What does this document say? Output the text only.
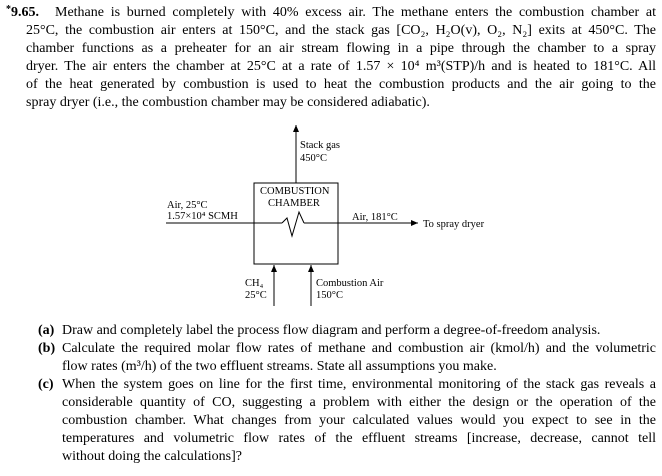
*9.65. Methane is burned completely with 40% excess air. The methane enters the combustion chamber at
25°C, the combustion air enters at 150°C, and the stack gas [CO₂, H₂O(v), O₂, N₂] exits at 450°C. The
chamber functions as a preheater for an air stream flowing in a pipe through the chamber to a spray
dryer. The air enters the chamber at 25°C at a rate of 1.57 × 10⁴ m³(STP)/h and is heated to 181°C. All
of the heat generated by combustion is used to heat the combustion products and the air going to the
spray dryer (i.e., the combustion chamber may be considered adiabatic).
Stack gas
450°C
COMBUSTION
CHAMBER
Air, 25°C
1.57×10⁴ SCMH	Air, 181°C
To spray dryer
CH₄
25°C
Combustion Air
150°C
(a) Draw and completely label the process flow diagram and perform a degree-of-freedom analysis.
(b) Calculate the required molar flow rates of methane and combustion air (kmol/h) and the volumetric
flow rates (m³/h) of the two effluent streams. State all assumptions you make.
(c) When the system goes on line for the first time, environmental monitoring of the stack gas reveals a
considerable quantity of CO, suggesting a problem with either the design or the operation of the
combustion chamber. What changes from your calculated values would you expect to see in the
temperatures and volumetric flow rates of the effluent streams [increase, decrease, cannot tell
without doing the calculations]?
